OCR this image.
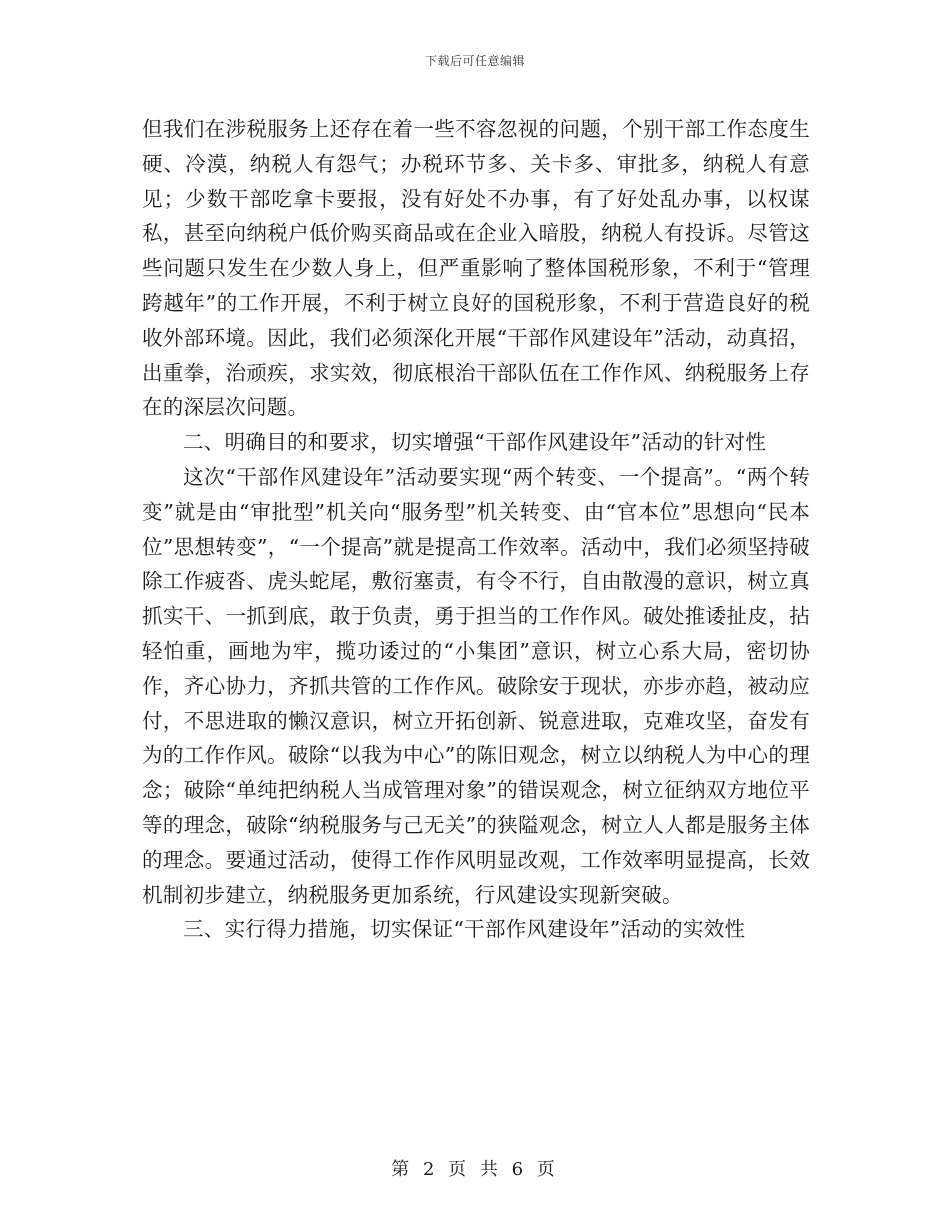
下载后可任意编辑

但我们在涉税服务上还存在着一些不容忽视的问题，个别干部工作态度生硬、冷漠，纳税人有怨气；办税环节多、关卡多、审批多，纳税人有意见；少数干部吃拿卡要报，没有好处不办事，有了好处乱办事，以权谋私，甚至向纳税户低价购买商品或在企业入暗股，纳税人有投诉。尽管这些问题只发生在少数人身上，但严重影响了整体国税形象，不利于“管理跨越年”的工作开展，不利于树立良好的国税形象，不利于营造良好的税收外部环境。因此，我们必须深化开展“干部作风建设年”活动，动真招，出重拳，治顽疾，求实效，彻底根治干部队伍在工作作风、纳税服务上存在的深层次问题。

二、明确目的和要求，切实增强“干部作风建设年”活动的针对性

这次“干部作风建设年”活动要实现“两个转变、一个提高”。“两个转变”就是由“审批型”机关向“服务型”机关转变、由“官本位”思想向“民本位”思想转变”，“一个提高”就是提高工作效率。活动中，我们必须坚持破除工作疲沓、虎头蛇尾，敷衍塞责，有令不行，自由散漫的意识，树立真抓实干、一抓到底，敢于负责，勇于担当的工作作风。破处推诿扯皮，拈轻怕重，画地为牢，揽功诿过的“小集团”意识，树立心系大局，密切协作，齐心协力，齐抓共管的工作作风。破除安于现状，亦步亦趋，被动应付，不思进取的懒汉意识，树立开拓创新、锐意进取，克难攻坚，奋发有为的工作作风。破除“以我为中心”的陈旧观念，树立以纳税人为中心的理念；破除“单纯把纳税人当成管理对象”的错误观念，树立征纳双方地位平等的理念，破除“纳税服务与己无关”的狭隘观念，树立人人都是服务主体的理念。要通过活动，使得工作作风明显改观，工作效率明显提高，长效机制初步建立，纳税服务更加系统，行风建设实现新突破。

三、实行得力措施，切实保证“干部作风建设年”活动的实效性

第 2 页 共 6 页
